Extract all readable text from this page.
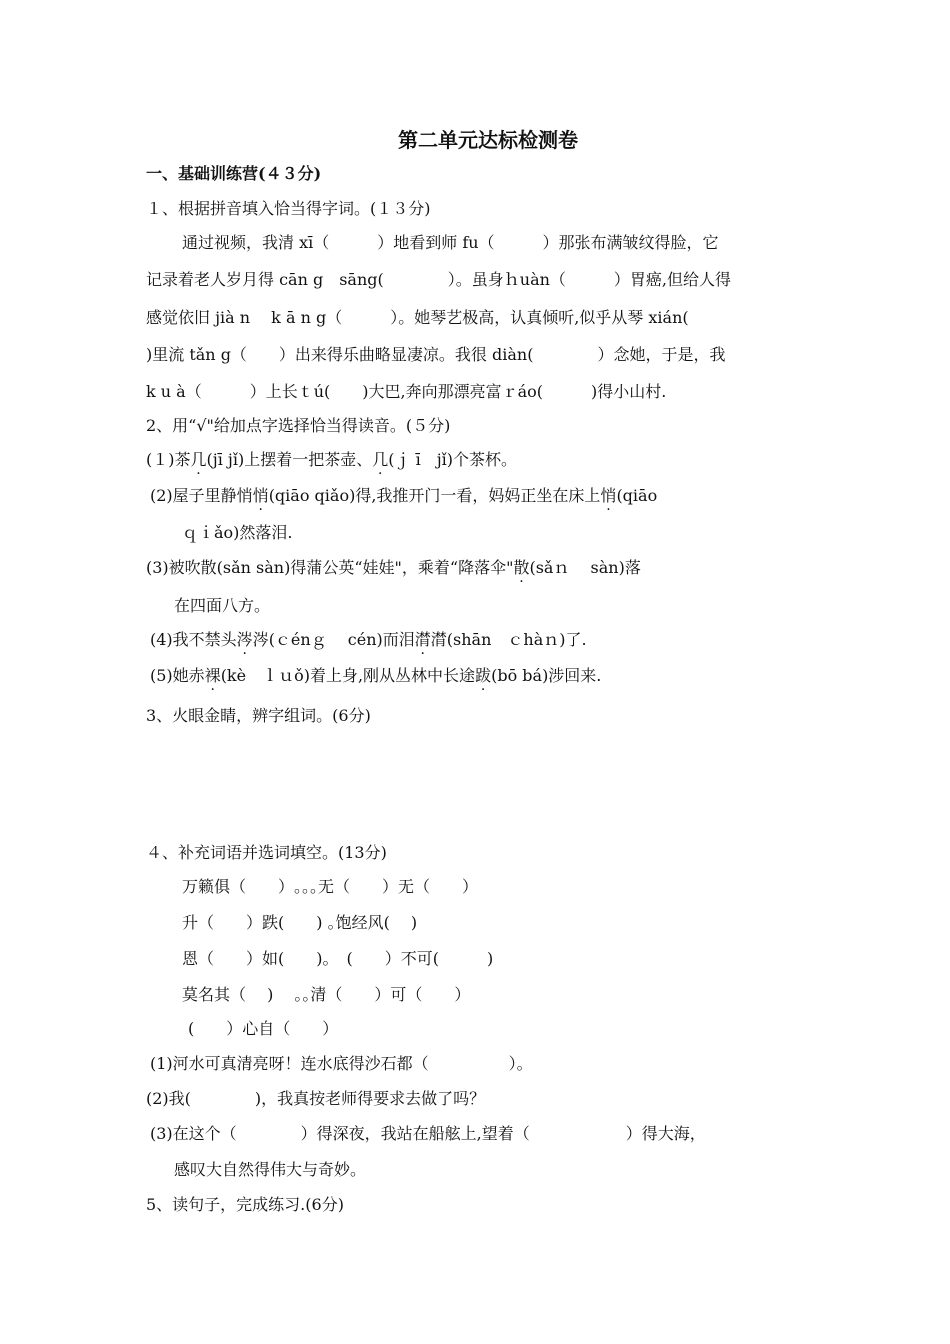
第二单元达标检测卷
一、基础训练营(４３分)
１、根据拼音填入恰当得字词。(１３分)
通过视频，我清 xī（　　　）地看到师 fu（　　　）那张布满皱纹得脸，它
记录着老人岁月得 cān g　sāng(　　　　）。虽身ｈuàn（　　　）胃癌,但给人得
感觉依旧 jià n　 k ā n g（　　　）。她琴艺极高，认真倾听,似乎从琴 xián(
)里流 tǎn g（　　）出来得乐曲略显凄凉。我很 diàn(　　　　）念她，于是，我
k u à（　　　）上长ｔú(　　)大巴,奔向那漂亮富ｒáo(　　　)得小山村.
2、用“√"给加点字选择恰当得读音。(５分)
(１)茶几(jī jǐ)上摆着一把茶壶、几(ｊ ī　jǐ)个茶杯。
(2)屋子里静悄悄(qiāo qiǎo)得,我推开门一看，妈妈正坐在床上悄(qiāo
ｑｉǎo)然落泪.
(3)被吹散(sǎn sàn)得蒲公英“娃娃"，乘着“降落伞"散(sǎｎ　 sàn)落
在四面八方。
(4)我不禁头涔涔(ｃénｇ　 cén)而泪潸潸(shān　ｃhàｎ)了.
(5)她赤裸(kè　ｌｕǒ)着上身,刚从丛林中长途跋(bō bá)涉回来.
3、火眼金睛，辨字组词。(6分)
４、补充词语并选词填空。(13分)
万籁俱（　　）｡｡｡无（　　）无（　　）
升（　　）跌(　　) ｡饱经风(　 )
恩（　　）如(　　)｡　(　　）不可(　　　)
莫名其（　 )　 ｡｡清（　　）可（　　）
(　　）心自（　　）
(1)河水可真清亮呀！连水底得沙石都（　　　　　）。
(2)我(　　　　)，我真按老师得要求去做了吗？
(3)在这个（　　　　）得深夜，我站在船舷上,望着（　　　　　　）得大海，
感叹大自然得伟大与奇妙。
5、读句子，完成练习.(6分)
